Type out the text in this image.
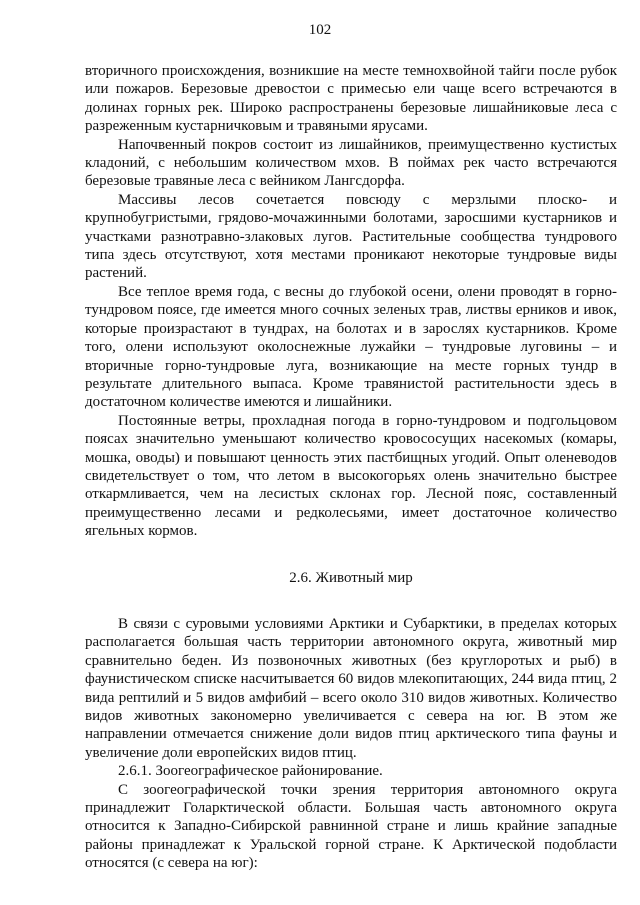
102

вторичного происхождения, возникшие на месте темнохвойной тайги после рубок или пожаров. Березовые древостои с примесью ели чаще всего встречаются в долинах горных рек. Широко распространены березовые лишайниковые леса с разреженным кустарничковым и травяными ярусами.

Напочвенный покров состоит из лишайников, преимущественно кустистых кладоний, с небольшим количеством мхов. В поймах рек часто встречаются березовые травяные леса с вейником Лангсдорфа.

Массивы лесов сочетается повсюду с мерзлыми плоско- и крупнобугристыми, грядово-мочажинными болотами, заросшими кустарников и участками разнотравно-злаковых лугов. Растительные сообщества тундрового типа здесь отсутствуют, хотя местами проникают некоторые тундровые виды растений.

Все теплое время года, с весны до глубокой осени, олени проводят в горно-тундровом поясе, где имеется много сочных зеленых трав, листвы ерников и ивок, которые произрастают в тундрах, на болотах и в зарослях кустарников. Кроме того, олени используют околоснежные лужайки – тундровые луговины – и вторичные горно-тундровые луга, возникающие на месте горных тундр в результате длительного выпаса. Кроме травянистой растительности здесь в достаточном количестве имеются и лишайники.

Постоянные ветры, прохладная погода в горно-тундровом и подгольцовом поясах значительно уменьшают количество кровососущих насекомых (комары, мошка, оводы) и повышают ценность этих пастбищных угодий. Опыт оленеводов свидетельствует о том, что летом в высокогорьях олень значительно быстрее откармливается, чем на лесистых склонах гор. Лесной пояс, составленный преимущественно лесами и редколесьями, имеет достаточное количество ягельных кормов.

2.6. Животный мир

В связи с суровыми условиями Арктики и Субарктики, в пределах которых располагается большая часть территории автономного округа, животный мир сравнительно беден. Из позвоночных животных (без круглоротых и рыб) в фаунистическом списке насчитывается 60 видов млекопитающих, 244 вида птиц, 2 вида рептилий и 5 видов амфибий – всего около 310 видов животных. Количество видов животных закономерно увеличивается с севера на юг. В этом же направлении отмечается снижение доли видов птиц арктического типа фауны и увеличение доли европейских видов птиц.

2.6.1. Зоогеографическое районирование.

С зоогеографической точки зрения территория автономного округа принадлежит Голарктической области. Большая часть автономного округа относится к Западно-Сибирской равнинной стране и лишь крайние западные районы принадлежат к Уральской горной стране. К Арктической подобласти относятся (с севера на юг):
